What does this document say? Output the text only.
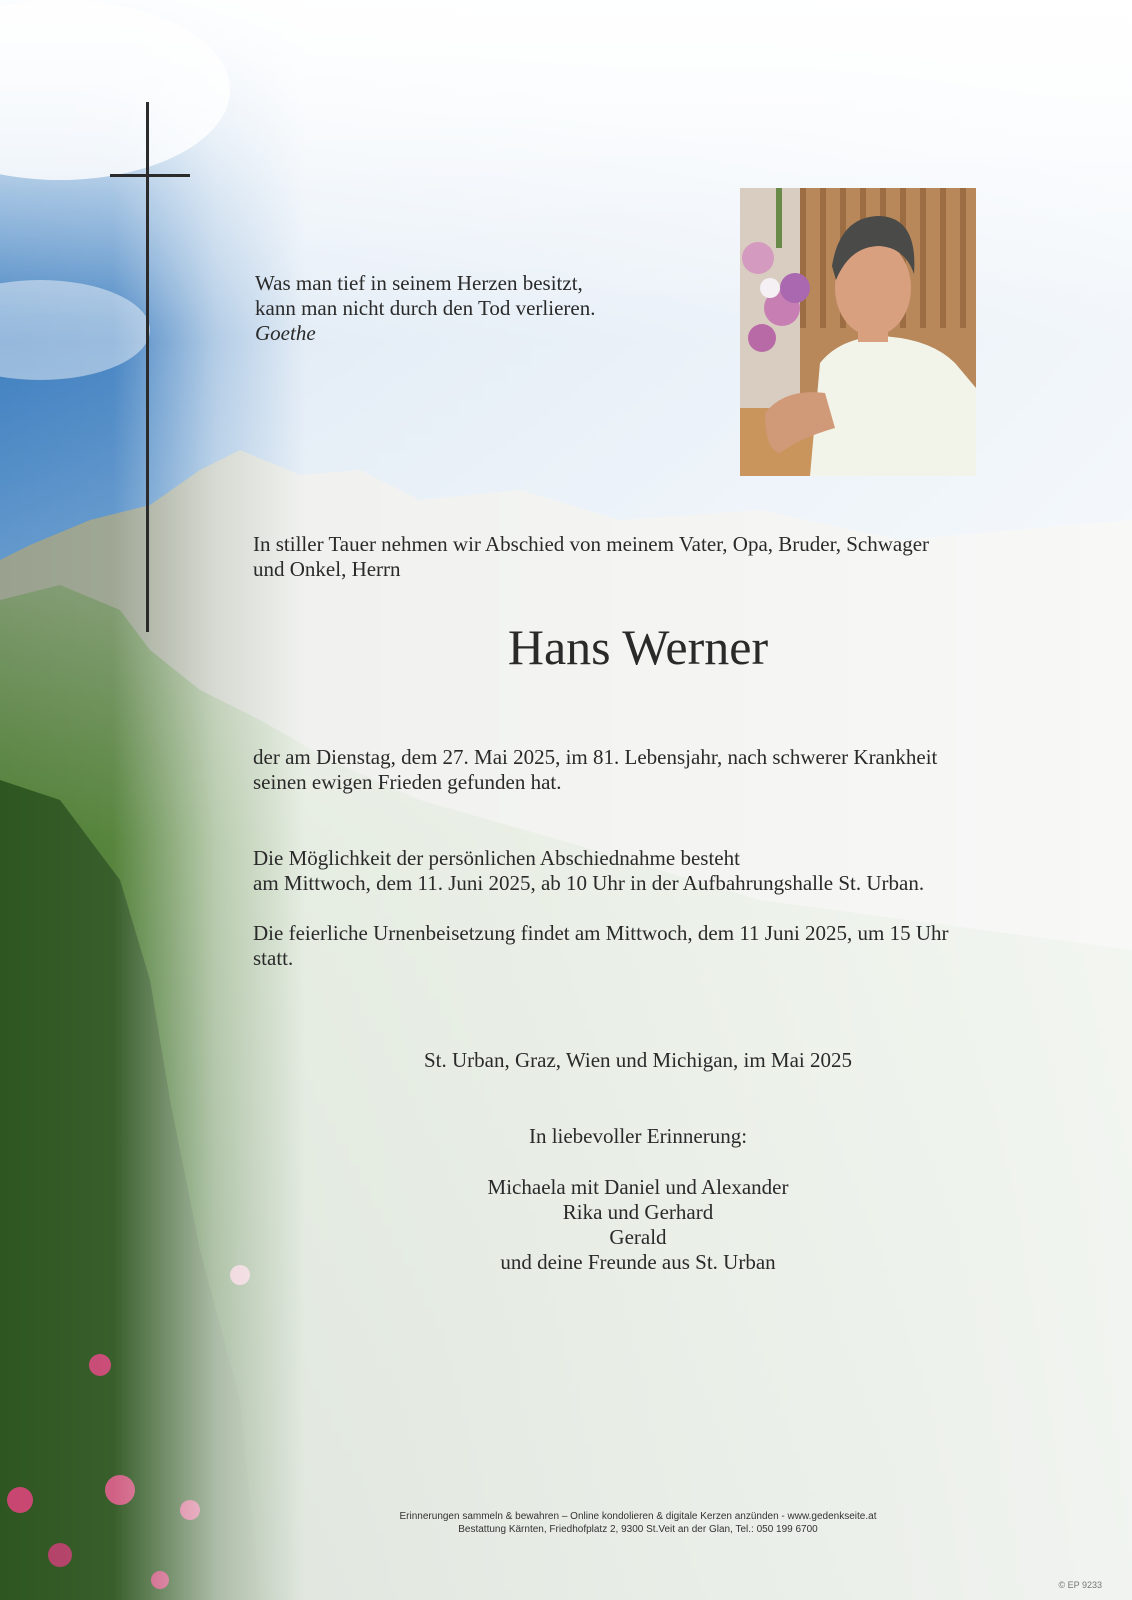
Was man tief in seinem Herzen besitzt,
kann man nicht durch den Tod verlieren.
Goethe
In stiller Tauer nehmen wir Abschied von meinem Vater, Opa, Bruder, Schwager
und Onkel, Herrn
Hans Werner
der am Dienstag, dem 27. Mai 2025, im 81. Lebensjahr, nach schwerer Krankheit
seinen ewigen Frieden gefunden hat.
Die Möglichkeit der persönlichen Abschiednahme besteht
am Mittwoch, dem 11. Juni 2025, ab 10 Uhr in der Aufbahrungshalle St. Urban.
Die feierliche Urnenbeisetzung findet am Mittwoch, dem 11 Juni 2025, um 15 Uhr
statt.
St. Urban, Graz, Wien und Michigan, im Mai 2025
In liebevoller Erinnerung:
Michaela mit Daniel und Alexander
Rika und Gerhard
Gerald
und deine Freunde aus St. Urban
Erinnerungen sammeln & bewahren – Online kondolieren & digitale Kerzen anzünden - www.gedenkseite.at
Bestattung Kärnten, Friedhofplatz 2, 9300 St.Veit an der Glan, Tel.: 050 199 6700
© EP 9233
